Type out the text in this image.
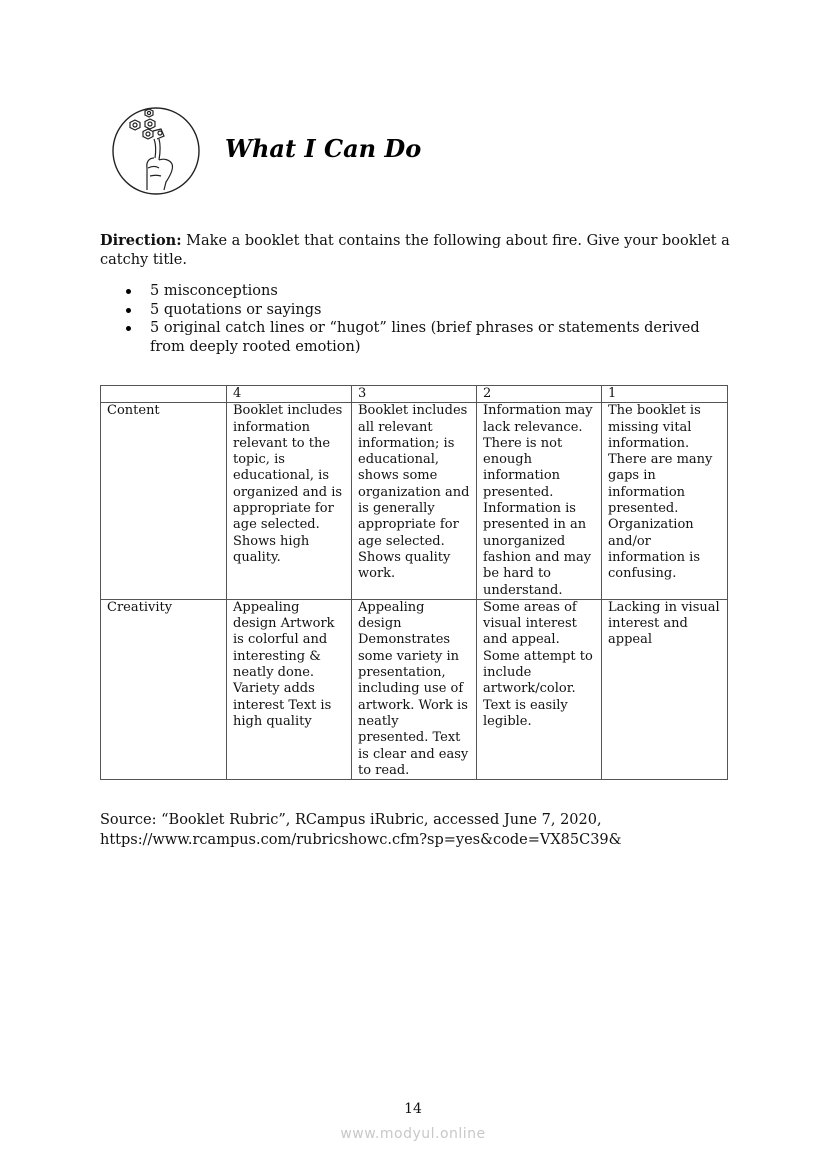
What I Can Do

Direction: Make a booklet that contains the following about fire. Give your booklet a catchy title.

5 misconceptions
5 quotations or sayings
5 original catch lines or “hugot” lines (brief phrases or statements derived from deeply rooted emotion)
	4	3	2	1
Content	Booklet includes information relevant to the topic, is educational, is organized and is appropriate for age selected. Shows high quality.	Booklet includes all relevant information; is educational, shows some organization and is generally appropriate for age selected. Shows quality work.	Information may lack relevance. There is not enough information presented. Information is presented in an unorganized fashion and may be hard to understand.	The booklet is missing vital information. There are many gaps in information presented. Organization and/or information is confusing.
Creativity	Appealing design Artwork is colorful and interesting & neatly done. Variety adds interest Text is high quality	Appealing design Demonstrates some variety in presentation, including use of artwork. Work is neatly presented. Text is clear and easy to read.	Some areas of visual interest and appeal. Some attempt to include artwork/color. Text is easily legible.	Lacking in visual interest and appeal
Source: “Booklet Rubric”, RCampus iRubric, accessed June 7, 2020,
https://www.rcampus.com/rubricshowc.cfm?sp=yes&code=VX85C39&
14
www.modyul.online
